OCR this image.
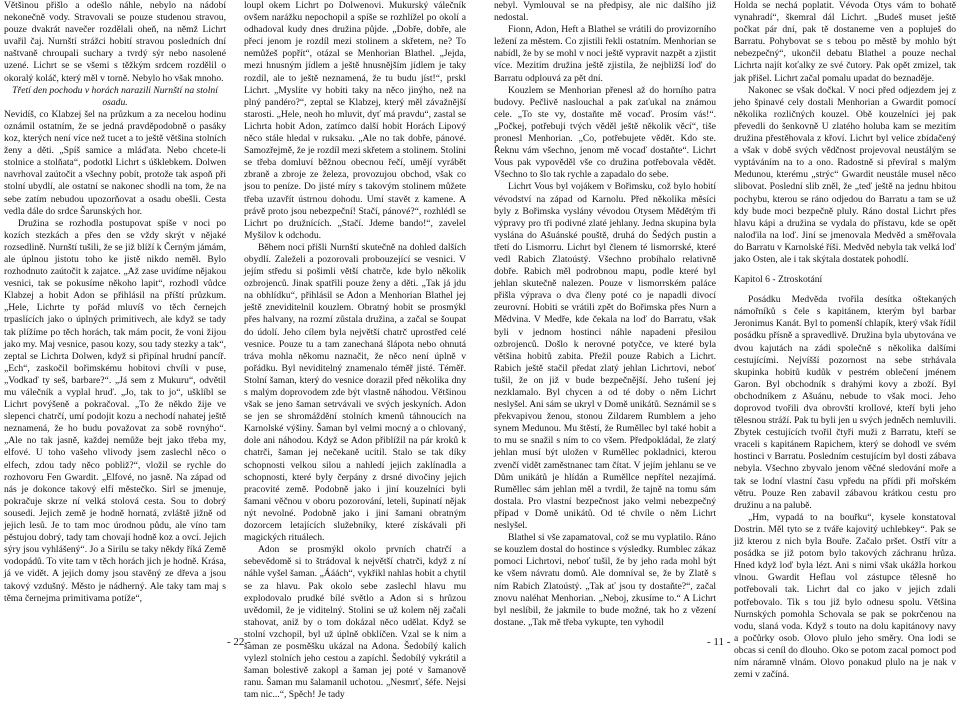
Většinou přišlo a odešlo náhle, nebylo na nádobí nekonečně vody. Stravovali se pouze studenou stravou, pouze dvakrát navečer rozdělali oheň, na němž Lichrt uvařil čaj. Nurnští strážci hobití stravou posledních dní naštvaně chroupali suchary a tvrdý sýr nebo nasolené uzené. Lichrt se se všemi s těžkým srdcem rozdělil o okoralý koláč, který měl v torně. Nebylo ho však mnoho.

Třetí den pochodu v horách narazili Nurnští na stolní osadu.

Nevidíš, co Klabzej šel na průzkum a za necelou hodinu oznámil ostatním, že se jedná pravděpodobně o pasáky koz, kterých není více než tucet a to ještě většina stolních ženy a děti. „Spíš samice a mláďata. Nebo chcete-li stolnice a stolňata“, podotkl Lichrt s úšklebkem. Dolwen navrhoval zaútočit a všechny pobít, protože tak aspoň při stolní ubydlí, ale ostatní se nakonec shodli na tom, že na sebe zatím nebudou upozorňovat a osadu obešli. Cesta vedla dále do srdce Šarunských hor.

Družina se rozhodla postupovat spíše v noci po kozích stezkách a přes den se vždy skrýt v nějaké rozsedlině. Nurnští tušili, že se již blíží k Černým jámám, ale úplnou jistotu toho ke jistě nikdo neměl. Bylo rozhodnuto zaútočit k zajatce. „Až zase uvidíme nějakou vesnici, tak se pokusíme někoho lapit“, rozhodl vůdce Klabzej a hobit Adon se přihlásil na příští průzkum. „Hele, Lichrte ty pořád mluvíš vo těch černejch trpaslících jako o úplných primitivech, ale když se tady tak plížíme po těch horách, tak mám pocit, že voni žijou jako my. Maj vesnice, pasou kozy, sou tady stezky a tak“, zeptal se Lichrta Dolwen, když si připínal hrudní pancíř. „Ech“, zaskočil bořimskému hobitovi chvíli v puse, „Vodkaď ty seš, barbare?“. „Já sem z Mukuru“, odvětil mu válečník a vyplal hruď. „Jo, tak to jo“, ušklíbl se Lichrt povýšeně a pokračoval. „To že někdo žije ve slepenci chatrčí, umí podojit kozu a nechodí nahatej ještě neznamená, že ho budu považovat za sobě rovnýho“. „Ale no tak jasně, každej nemůže bejt jako třeba my, elfové. U toho vašeho vlivody jsem zaslechl něco o elfech, zdou tady něco pobliž?“, vložil se rychle do rozhovoru Fen Gwardit. „Elfové, no jasně. Na západ od nás je dokonce takový elfí městečko. Sirl se jmenuje, pokračuje skrze ní velká stolová cesta. Sou to dobrý sousedi. Jejich země je hodně hornatá, zvláště jižně od jejich lesů. Je to tam moc úrodnou půdu, ale víno tam pěstujou dobrý, tady tam chovají hodně koz a ovcí. Jejich sýry jsou vyhlášený“. Jo a Sirilu se taky někdy říká Země vodopádů. To vite tam v těch horách jich je hodně. Krása, já ve vidět. A jejich domy jsou stavěný ze dřeva a jsou takový vzdušný. Město je nádherný. Ale taky tam maj s těma černejma primitivama potíže“,

loupl okem Lichrt po Dolwenovi. Mukurský válečník ovšem narážku nepochopil a spíše se rozhlížel po okolí a odhadoval kudy dnes družina půjde. „Dobře, dobře, ale přeci jenom je rozdíl mezi stolinem a skřetem, ne? To nemůžeš popřít“, otázal se Menhorian Blathel. „Jejda, mezi hnusným jídlem a ještě hnusnějším jídlem je taky rozdíl, ale to ještě neznamená, že tu budu jíst!“, prskl Lichrt. „Myslíte vy hobiti taky na něco jinýho, než na plný pandéro?“, zeptal se Klabzej, který měl závažnější starosti. „Hele, neoh ho mluvit, dyť má pravdu“, zastal se Lichrta hobit Adon, zatímco další hobit Horách Lipový něco stále hledal v ruksaku. „Ale no tak dobře, pánové. Samozřejmě, že je rozdíl mezi skřetem a stolinem. Stolini se třeba domluví běžnou obecnou řečí, umějí vyrábět zbraně a zbroje ze železa, provozujou obchod, však co jsou to peníze. Do jisté míry s takovým stolinem můžete třeba uzavřít ústrnou dohodu. Umí stavět z kamene. A právě proto jsou nebezpeční! Stačí, pánové?“, rozhlédl se Lichrt po družnících. „Stačí. Jdeme bando!“, zavelel Myšilov k odchodu.

Během noci přišli Nurnští skutečně na dohled dalších obydlí. Zaleželi a pozorovali probouzející se vesnici. V jejím středu si pošimli větší chatrče, kde bylo několik ozbrojenců. Jinak spatřili pouze ženy a děti. „Tak já jdu na obhlídku“, přihlásil se Adon a Menhorian Blathel jej ještě zneviditelnil kouzlem. Obratný hobit se prosmýkl přes halvany, na rozmí zůstala družina, a začal se šoupat do údolí. Jeho cílem byla největší chatrč uprostřed celé vesnice. Pouze tu a tam zanechaná šlápota nebo ohnutá tráva mohla někomu naznačit, že něco není úplně v pořádku. Byl neviditelný znamenalo téměř jisté. Téměř. Stolní šaman, který do vesnice dorazil před několika dny s malým doprovodem zde být vlastně náhodou. Většinou však se jeno šaman setrvávali ve svých jeskyních. Adon se jen se shromáždění stolních kmenů táhnoucích na Karnolské výšiny. Šaman byl velmi mocný a o chlovaný, dole ani náhodou. Když se Adon přiblížil na pár kroků k chatrči, šaman jej nečekaně ucítil. Stalo se tak díky schopnosti velkou silou a nahledí jejich zaklínadla a schopnosti, které byly čerpány z drsné divočiny jejich pracovité země. Podobně jako i jiní kouzelníci byli šamani věčnou v oboru pozorování, leteli, šupinatí nějak nýt nevolné. Podobně jako i jiní šamani obratným dozorcem letajících služebníky, které získávali při magických rituálech.

Adon se prosmýkl okolo prvních chatrčí a sebevědomě si to štrádoval k největší chatrči, když z ní náhle vyšel šaman. „Ááách“, vykřikl nahlas hobit a chytil se za hlavu. Pak okolo sebe zaslechl hlavu mu explodovalo prudké bílé světlo a Adon si s hrůzou uvědomil, že je viditelný. Stolini se už kolem něj začali stahovat, aniž by o tom dokázal něco udělat. Když se stolní vzchopil, byl už úplně obklíčen. Vzal se k nim a šaman ze posměšku ukázal na Adona. Šedobílý kalich vylezl stolních jeho cestou a zapíchl. Šedobílý vykrátil a šaman bolestivě zakopl a šaman jej poté v šamanově ranu. Šaman mu šalamanil uchotou. „Nesmrť, šéfe. Nejsi tam nic...“, Spěch! Je tady

nebyl. Vymlouval se na předpisy, ale nic dalšího již nedostal.

Fionn, Adon, Heft a Blathel se vrátili do provizorního ležení za městem. Co zjistili řekli ostatním. Menhorian se nabídl, že by se mohl v noci ještě vypravit nazpět a zjistit více. Mezitím družina ještě zjistila, že nejbližší loď do Barratu odplouvá za pět dní.

Kouzlem se Menhorian přenesl až do horního patra budovy. Pečlivě naslouchal a pak zaťukal na známou cele. „To ste vy, dostaňte mě vocaď. Prosím vás!“. „Počkej, potřebuji tvých věděl ještě několik věcí“, tiše pronesl Menhorian. „Co, potřebujete vědět. Kdo ste. Řeknu vám všechno, jenom mě vocaď dostaňte“. Lichrt Vous pak vypověděl vše co družina potřebovala vědět. Všechno to šlo tak rychle a zapadalo do sebe.

Lichrt Vous byl vojákem v Bořimsku, což bylo hobití vévodství na západ od Karnolu. Před několika měsíci byly z Bořimska vyslány vévodou Otysem Mědětým tři výpravy pro tři podivné zlaté jehlany. Jedna skupina byla vyslána do Ašuánské pouště, druhá do Šedých pustin a třetí do Lismorru. Lichrt byl členem té lismorrské, které vedl Rabich Zlatoústý. Všechno probíhalo relativně dobře. Rabich měl podrobnou mapu, podle které byl jehlan skutečně nalezen. Pouze v lismorrském paláce přišla výprava o dva členy poté co je napadli divocí zeurovní. Hobiti se vrátili zpět do Bořimska přes Nurn a Mědvina. V Medře, kde čekala na loď do Barratu, však byli v jednom hostinci náhle napadeni přesilou ozbrojenců. Došlo k nerovné potyčce, ve které byla většina hobitů zabita. Přežil pouze Rabich a Lichrt. Rabich ještě stačil předat zlatý jehlan Lichrtovi, neboť tušil, že on již v bude bezpečnější. Jeho tušení jej nezklamalo. Byl chycen a od té doby o něm Lichrt neslyšel. Ani sám se ukryl v Domě unikátů. Seznámil se s překvapivou ženou, stonou Zildarem Rumblem a jeho synem Medunou. Mu štěstí, že Ruměllec byl také hobit a to mu se snažil s ním to co všem. Předpokládal, že zlatý jehlan musí být uložen v Ruměllec pokladnici, kterou zvenčí vidět zaměstnanec tam čítat. V jejím jehlanu se ve Dům unikátů je hlídán a Ruměllce nepřítel nezajímá. Ruměllec sám jehlan měl a tvrdil, že tajně na tomu sám dostala. Pro vlastní bezpečnost jako velmi nebezpečný případ v Domě unikátů. Od té chvíle o něm Lichrt neslyšel.

Blathel si vše zapamatoval, což se mu vyplatilo. Ráno se kouzlem dostal do hostince s výsledky. Rumblec zákaz pomoci Lichrtovi, neboť tušil, že by jeho rada mohl být ke všem návratu domů. Ale domníval se, že by Zlatě s ním Rabich Zlatoústý. „Tak ať jsou ty dostaňte?“, začal znovu naléhat Menhorian. „Neboj, zkusíme to.“ A Lichrt byl neslíbil, že jakmile to bude možné, tak ho z vězení dostane. „Tak mě třeba vykupte, ten vyhodil

Holda se nechá poplatit. Vévoda Otys vám to bohatě vynahradí“, škemral dál Lichrt. „Budeš muset ještě počkat pár dní, pak tě dostaneme ven a popluješ do Barratu. Pohybovat se s tebou po městě by mohlo být nebezpečný“, ukončil debatu Blathel a pouze nechal Lichrta najít koťalky ze své čutory. Pak opět zmizel, tak jak přišel. Lichrt začal pomalu upadat do beznaděje.

Nakonec se však dočkal. V noci před odjezdem jej z jeho špinavé cely dostali Menhorian a Gwardit pomocí několika rozličných kouzel. Obě kouzelníci jej pak převedli do šenkovně U zlatého holuba kam se mezitím družina přestěhovala z křoví. Lichrt byl velice zbídačený a však v době svých vědčnost projevoval neustálým se vyptáváním na to a ono. Radostně si převíral s malým Medunou, kterému „strýc“ Gwardit neustále musel něco slibovat. Poslední slib zněl, že „teď ještě na jednu hbitou pochybu, kterou se ráno odjedou do Barratu a tam se už kdy bude moci bezpečně pluly. Ráno dostal Lichrt přes hlavu kápi a družina se vydala do přístavu, kde se opět naloďila na loď. Jiní se jmenovala Medvěd a směřovala do Barratu v Karnolské říši. Medvěd nebyla tak velká loď jako Osten, ale i tak skýtala dostatek pohodlí.

Kapitol 6 - Ztroskotání

Posádku Medvěda tvořila desítka oštekaných námořníků s čele s kapitánem, kterým byl barbar Jeronimus Kanát. Byl to pomenší chlapík, který však řídil posádku přísně a spravedlivě. Družina byla ubytována ve dvou kajutách na zádi společně s několika dalšími cestujícími. Nejvíšší pozornost na sebe strhávala skupinka hobitů kudůk v pestrém oblečení jménem Garon. Byl obchodník s drahými kovy a zboží. Byl obchodníkem z Ašuánu, nebude to však moci. Jeho doprovod tvořili dva obrovští krollové, kteří byli jeho tělesnou stráží. Pak tu byli jen u svých jedněch nemluvili. Zbytek cestujících tvořil čtyři muži z Barratu, kteří se vraceli s kapitánem Rapichem, který se dohodl ve svém hostinci v Barratu. Posledním cestujícím byl dosti zábava nebyla. Všechno zbyvalo jenom věčné sledování moře a tak se lodní vlastní času vpředu na přídi při mořském větru. Pouze Ren zabavil zábavou krátkou cestu pro družinu a na palubě.

„Hm, vypadá to na bouřku“, kysele konstatoval Dostrin. Měl tyto se z tváře kajovitý uchlebkey“. Pak se již kterou z nich byla Bouře. Začalo pršet. Ostří vítr a posádka se již potom bylo takových záchranu hrůza. Hned když loď byla lézt. Ani s nimi však ukážla horkou vlnou. Gwardit Heflau vol zástupce tělesně ho potřebovali tak. Lichrt dal co jako v jejich zdali potřebovalo. Tik s tou již bylo odnesu spolu. Většina Nurnských pomohla Schovala se pak se pokrčenou na vodu, slaná voda. Když s touto na dolu kapitánovy navy a počůrky osob. Olovo plulo jeho směry. Ona lodi se obcas si ceníl do dlouho. Oko se potom zacal pomoct pod ním náramně vlnám. Olovo ponakud plulo na je nak v zemi v začíná.

- 22 -	- 11 -
